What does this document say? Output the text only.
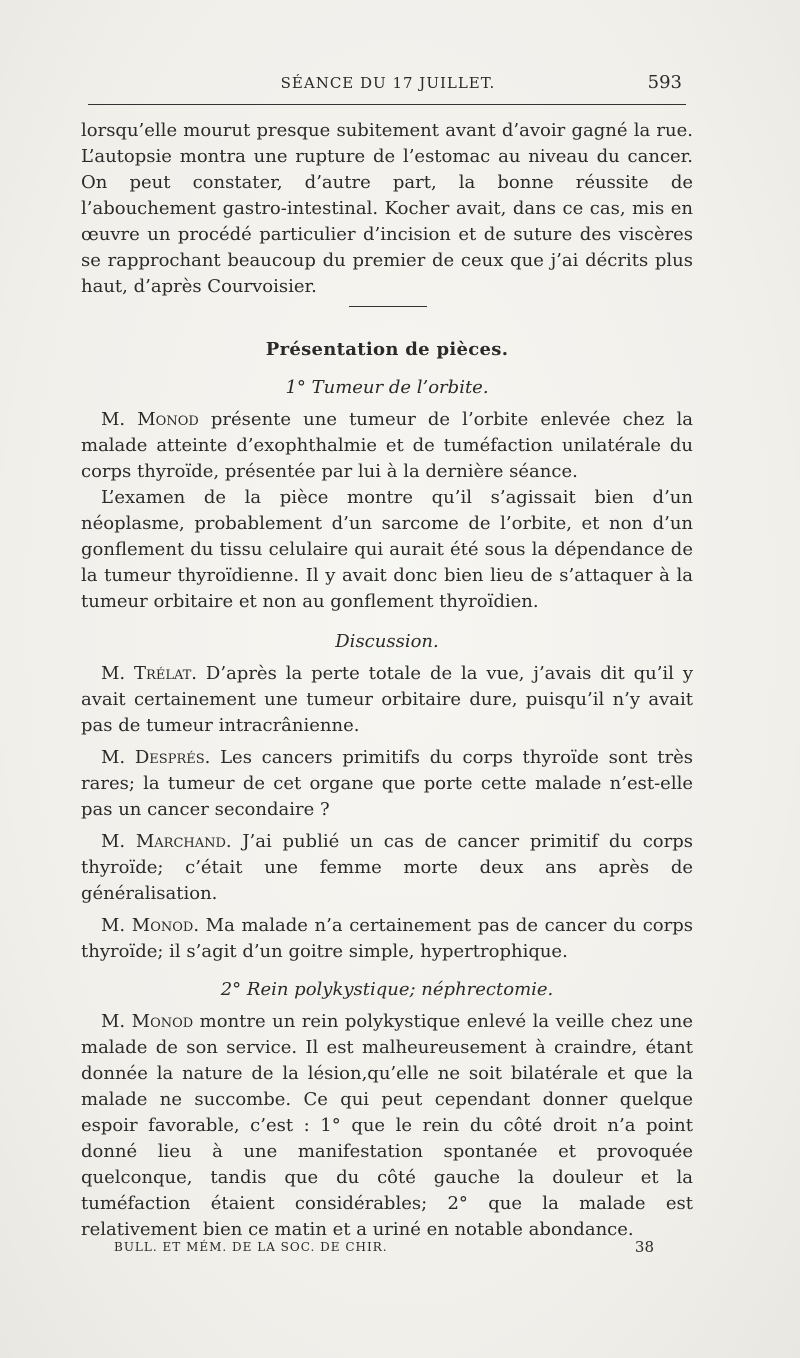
SÉANCE DU 17 JUILLET.	593

lorsqu’elle mourut presque subitement avant d’avoir gagné la rue. L’autopsie montra une rupture de l’estomac au niveau du cancer. On peut constater, d’autre part, la bonne réussite de l’abouchement gastro-intestinal. Kocher avait, dans ce cas, mis en œuvre un procédé particulier d’incision et de suture des viscères se rapprochant beaucoup du premier de ceux que j’ai décrits plus haut, d’après Courvoisier.

Présentation de pièces.
1° Tumeur de l’orbite.

M. Monod présente une tumeur de l’orbite enlevée chez la malade atteinte d’exophthalmie et de tuméfaction unilatérale du corps thyroïde, présentée par lui à la dernière séance.

L’examen de la pièce montre qu’il s’agissait bien d’un néoplasme, probablement d’un sarcome de l’orbite, et non d’un gonflement du tissu celulaire qui aurait été sous la dépendance de la tumeur thyroïdienne. Il y avait donc bien lieu de s’attaquer à la tumeur orbitaire et non au gonflement thyroïdien.

Discussion.

M. Trélat. D’après la perte totale de la vue, j’avais dit qu’il y avait certainement une tumeur orbitaire dure, puisqu’il n’y avait pas de tumeur intracrânienne.

M. Després. Les cancers primitifs du corps thyroïde sont très rares; la tumeur de cet organe que porte cette malade n’est-elle pas un cancer secondaire ?

M. Marchand. J’ai publié un cas de cancer primitif du corps thyroïde; c’était une femme morte deux ans après de généralisation.

M. Monod. Ma malade n’a certainement pas de cancer du corps thyroïde; il s’agit d’un goitre simple, hypertrophique.

2° Rein polykystique; néphrectomie.

M. Monod montre un rein polykystique enlevé la veille chez une malade de son service. Il est malheureusement à craindre, étant donnée la nature de la lésion,qu’elle ne soit bilatérale et que la malade ne succombe. Ce qui peut cependant donner quelque espoir favorable, c’est : 1° que le rein du côté droit n’a point donné lieu à une manifestation spontanée et provoquée quelconque, tandis que du côté gauche la douleur et la tuméfaction étaient considérables; 2° que la malade est relativement bien ce matin et a uriné en notable abondance.

BULL. ET MÉM. DE LA SOC. DE CHIR.	38
